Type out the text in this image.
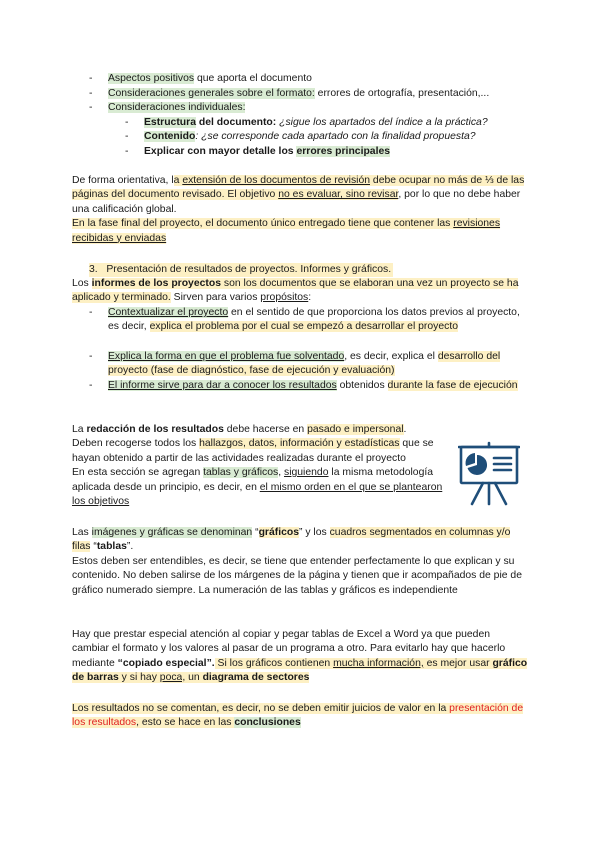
- Aspectos positivos que aporta el documento
- Consideraciones generales sobre el formato: errores de ortografía, presentación,...
- Consideraciones individuales:
- Estructura del documento: ¿sigue los apartados del índice a la práctica?
- Contenido: ¿se corresponde cada apartado con la finalidad propuesta?
- Explicar con mayor detalle los errores principales
De forma orientativa, la extensión de los documentos de revisión debe ocupar no más de ⅓ de las páginas del documento revisado. El objetivo no es evaluar, sino revisar, por lo que no debe haber una calificación global.
En la fase final del proyecto, el documento único entregado tiene que contener las revisiones recibidas y enviadas
3. Presentación de resultados de proyectos. Informes y gráficos.
Los informes de los proyectos son los documentos que se elaboran una vez un proyecto se ha aplicado y terminado. Sirven para varios propósitos:
- Contextualizar el proyecto en el sentido de que proporciona los datos previos al proyecto, es decir, explica el problema por el cual se empezó a desarrollar el proyecto
- Explica la forma en que el problema fue solventado, es decir, explica el desarrollo del proyecto (fase de diagnóstico, fase de ejecución y evaluación)
- El informe sirve para dar a conocer los resultados obtenidos durante la fase de ejecución
La redacción de los resultados debe hacerse en pasado e impersonal.
Deben recogerse todos los hallazgos, datos, información y estadísticas que se hayan obtenido a partir de las actividades realizadas durante el proyecto
En esta sección se agregan tablas y gráficos, siguiendo la misma metodología aplicada desde un principio, es decir, en el mismo orden en el que se plantearon los objetivos
Las imágenes y gráficas se denominan “gráficos” y los cuadros segmentados en columnas y/o filas “tablas”.
Estos deben ser entendibles, es decir, se tiene que entender perfectamente lo que explican y su contenido. No deben salirse de los márgenes de la página y tienen que ir acompañados de pie de gráfico numerado siempre. La numeración de las tablas y gráficos es independiente
Hay que prestar especial atención al copiar y pegar tablas de Excel a Word ya que pueden cambiar el formato y los valores al pasar de un programa a otro. Para evitarlo hay que hacerlo mediante “copiado especial”. Si los gráficos contienen mucha información, es mejor usar gráfico de barras y si hay poca, un diagrama de sectores
Los resultados no se comentan, es decir, no se deben emitir juicios de valor en la presentación de los resultados, esto se hace en las conclusiones
